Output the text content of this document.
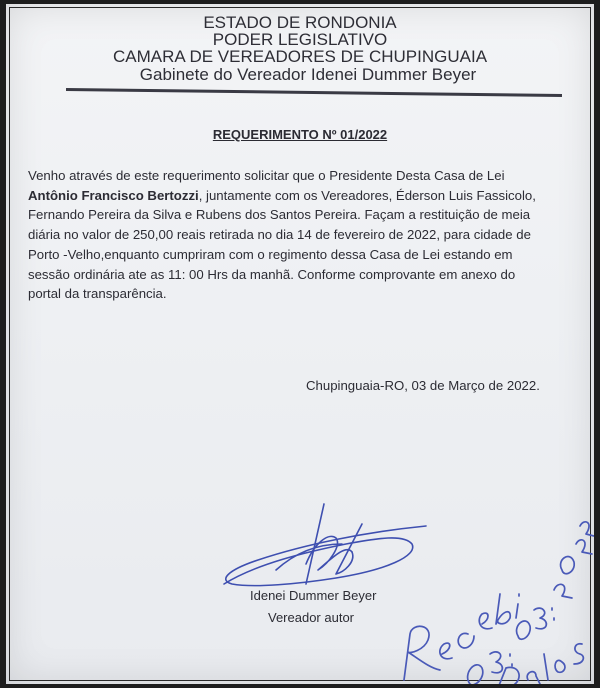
ESTADO DE RONDONIA
PODER LEGISLATIVO
CAMARA DE VEREADORES DE CHUPINGUAIA
Gabinete do Vereador Idenei Dummer Beyer
REQUERIMENTO Nº 01/2022
Venho através de este requerimento solicitar que o Presidente Desta Casa de Lei
Antônio Francisco Bertozzi, juntamente com os Vereadores, Éderson Luis Fassicolo,
Fernando Pereira da Silva e Rubens dos Santos Pereira. Façam a restituição de meia
diária no valor de 250,00 reais retirada no dia 14 de fevereiro de 2022, para cidade de
Porto -Velho,enquanto cumpriram com o regimento dessa Casa de Lei estando em
sessão ordinária ate as 11: 00 Hrs da manhã. Conforme comprovante em anexo do
portal da transparência.
Chupinguaia-RO, 03 de Março de 2022.
Idenei Dummer Beyer
Vereador autor
